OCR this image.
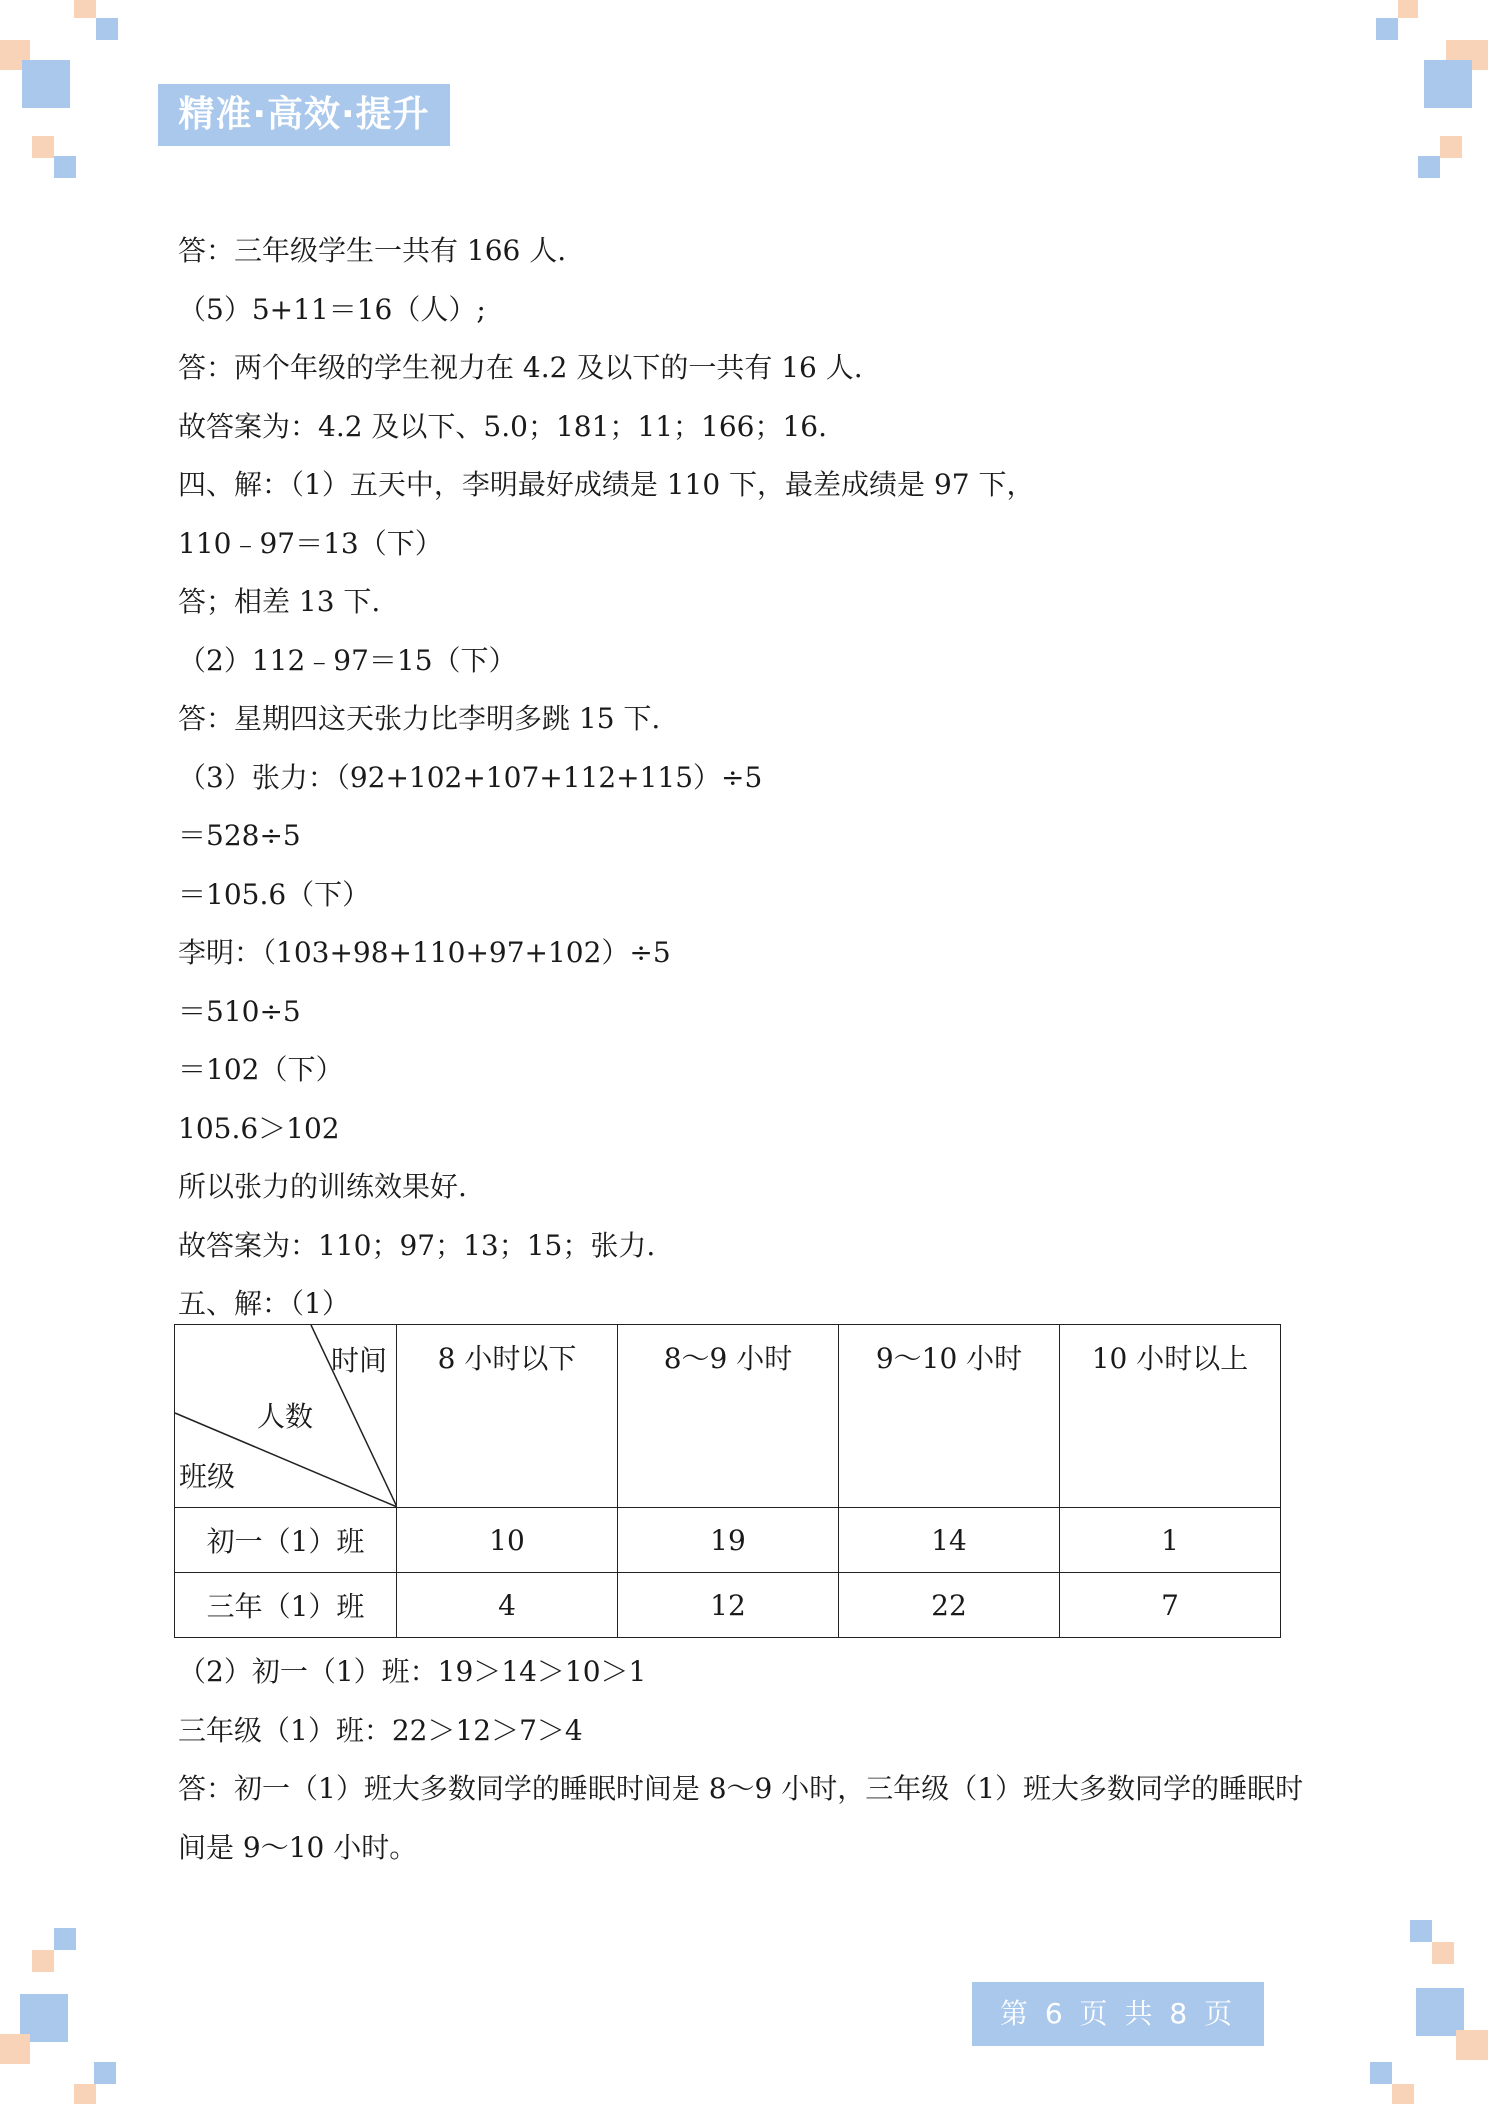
精准·高效·提升
答：三年级学生一共有 166 人.
（5）5+11＝16（人）;
答：两个年级的学生视力在 4.2 及以下的一共有 16 人.
故答案为：4.2 及以下、5.0；181；11；166；16.
四、解：（1）五天中，李明最好成绩是 110 下，最差成绩是 97 下，
110﹣97＝13（下）
答；相差 13 下.
（2）112﹣97＝15（下）
答：星期四这天张力比李明多跳 15 下.
（3）张力：（92+102+107+112+115）÷5
＝528÷5
＝105.6（下）
李明：（103+98+110+97+102）÷5
＝510÷5
＝102（下）
105.6＞102
所以张力的训练效果好.
故答案为：110；97；13；15；张力.
五、解：（1）
时间
人数
班级	8 小时以下	8～9 小时	9～10 小时	10 小时以上
初一（1）班	10	19	14	1
三年（1）班	4	12	22	7
（2）初一（1）班：19＞14＞10＞1
三年级（1）班：22＞12＞7＞4
答：初一（1）班大多数同学的睡眠时间是 8～9 小时，三年级（1）班大多数同学的睡眠时
间是 9～10 小时。
第 6 页 共 8 页
